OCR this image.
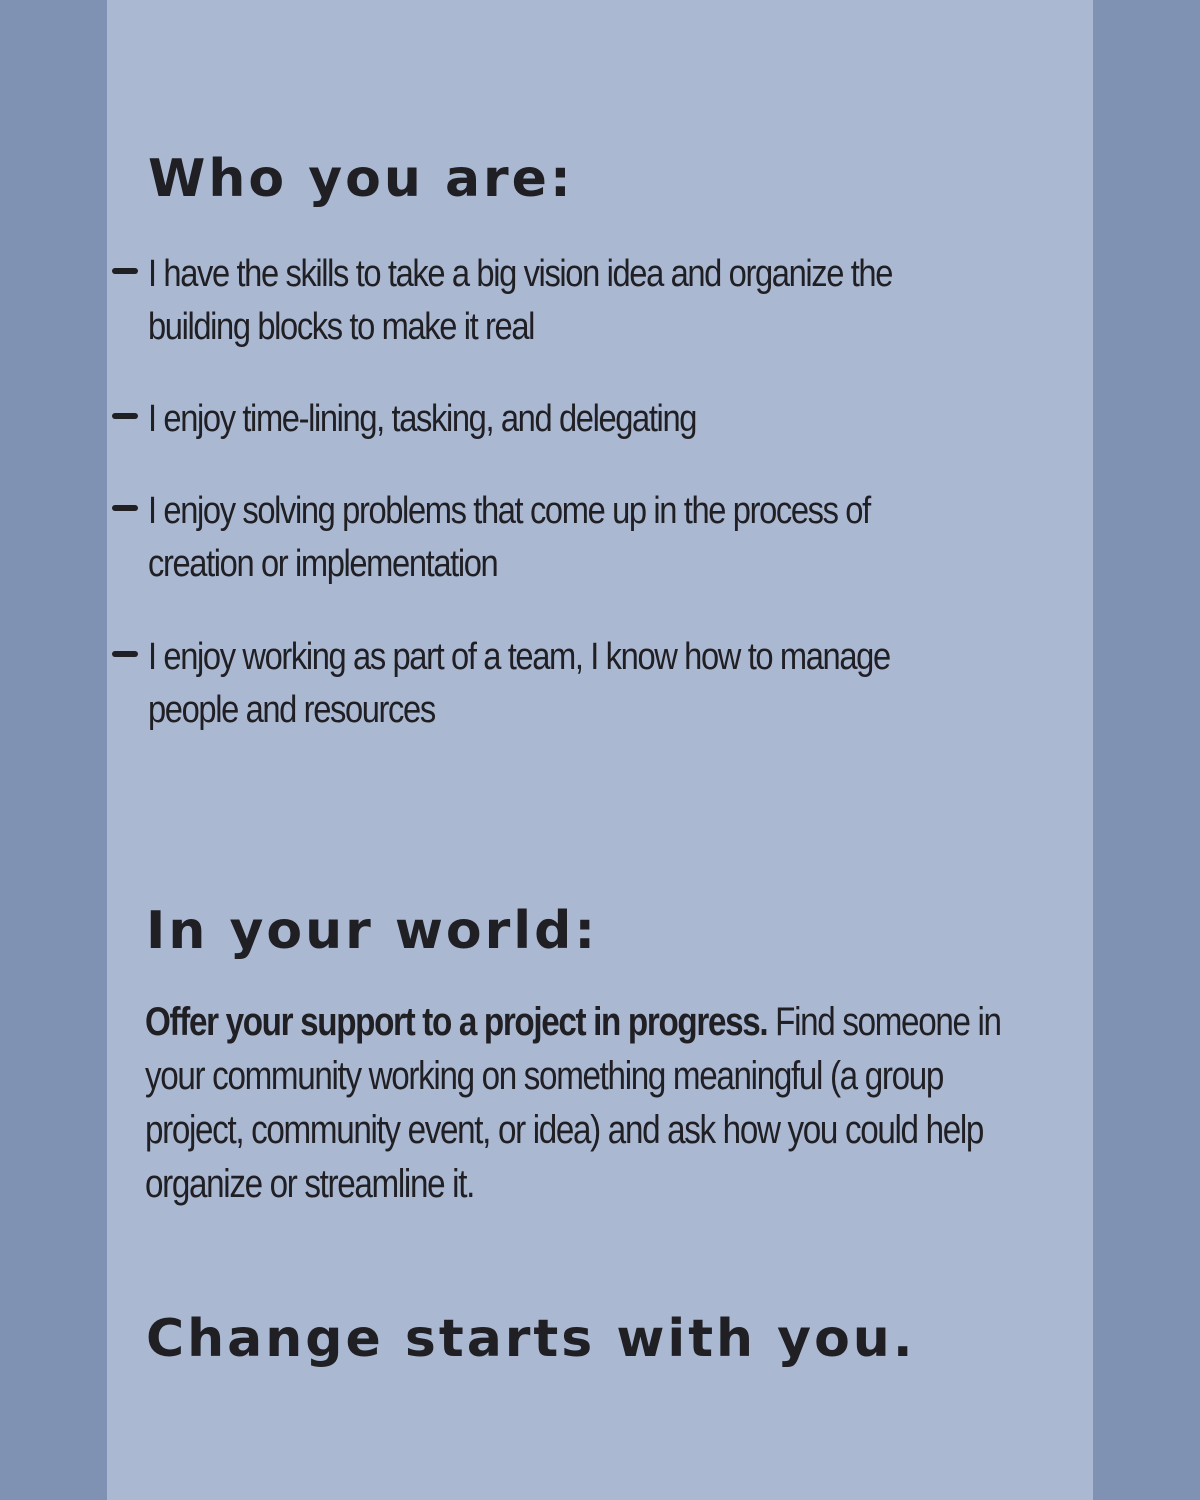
Who you are:
I have the skills to take a big vision idea and organize the building blocks to make it real
I enjoy time-lining, tasking, and delegating
I enjoy solving problems that come up in the process of creation or implementation
I enjoy working as part of a team, I know how to manage people and resources
In your world:

Offer your support to a project in progress. Find someone in your community working on something meaningful (a group project, community event, or idea) and ask how you could help organize or streamline it.

Change starts with you.
